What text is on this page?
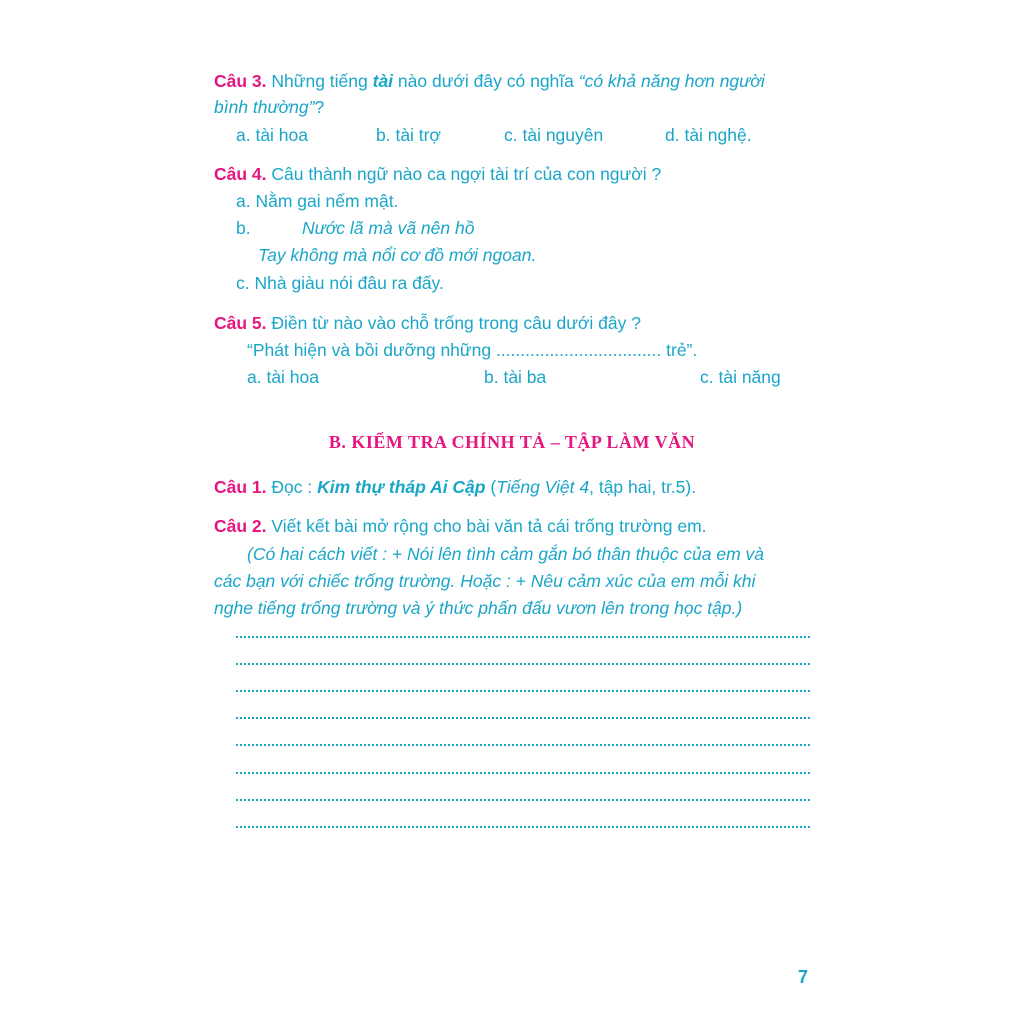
Câu 3. Những tiếng tài nào dưới đây có nghĩa “có khả năng hơn người
bình thường”?
a. tài hoa	b. tài trợ	c. tài nguyên	d. tài nghệ.
Câu 4. Câu thành ngữ nào ca ngợi tài trí của con người ?
a. Nằm gai nếm mật.
b.	Nước lã mà vã nên hồ
Tay không mà nổi cơ đồ mới ngoan.
c. Nhà giàu nói đâu ra đấy.
Câu 5. Điền từ nào vào chỗ trống trong câu dưới đây ?
“Phát hiện và bồi dưỡng những .................................. trẻ”.
a. tài hoa	b. tài ba	c. tài năng
B. KIỂM TRA CHÍNH TẢ – TẬP LÀM VĂN
Câu 1. Đọc : Kim thự tháp Ai Cập (Tiếng Việt 4, tập hai, tr.5).
Câu 2. Viết kết bài mở rộng cho bài văn tả cái trống trường em.
(Có hai cách viết : + Nói lên tình cảm gắn bó thân thuộc của em và
các bạn với chiếc trống trường. Hoặc : + Nêu cảm xúc của em mỗi khi
nghe tiếng trống trường và ý thức phấn đấu vươn lên trong học tập.)
7
